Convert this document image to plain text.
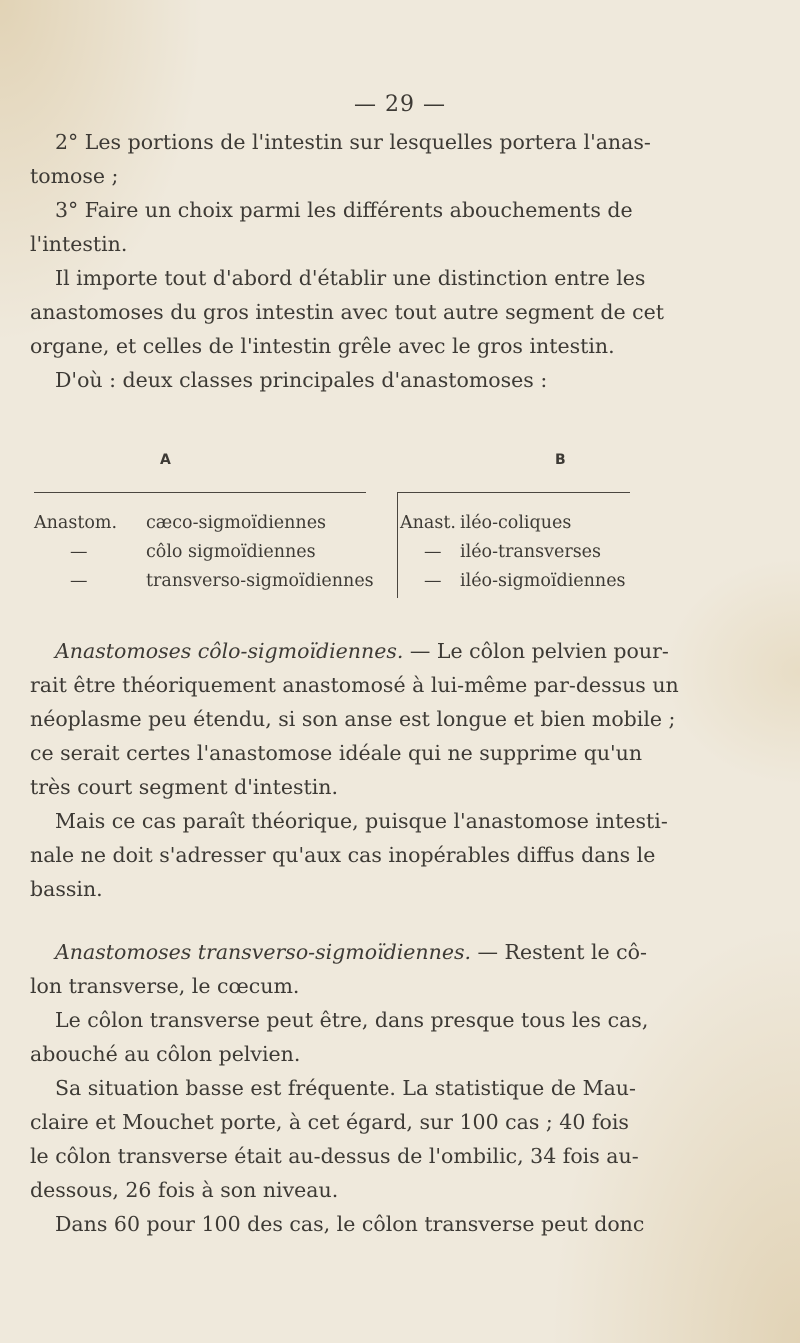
— 29 —
2° Les portions de l'intestin sur lesquelles portera l'anas-
tomose ;
3° Faire un choix parmi les différents abouchements de
l'intestin.
Il importe tout d'abord d'établir une distinction entre les
anastomoses du gros intestin avec tout autre segment de cet
organe, et celles de l'intestin grêle avec le gros intestin.
D'où : deux classes principales d'anastomoses :
A	B
Anastom. cæco-sigmoïdiennes
—	côlo sigmoïdiennes
—	transverso-sigmoïdiennes
Anast. iléo-coliques
— iléo-transverses
— iléo-sigmoïdiennes
Anastomoses côlo-sigmoïdiennes. — Le côlon pelvien pour-
rait être théoriquement anastomosé à lui-même par-dessus un
néoplasme peu étendu, si son anse est longue et bien mobile ;
ce serait certes l'anastomose idéale qui ne supprime qu'un
très court segment d'intestin.
Mais ce cas paraît théorique, puisque l'anastomose intesti-
nale ne doit s'adresser qu'aux cas inopérables diffus dans le
bassin.
Anastomoses transverso-sigmoïdiennes. — Restent le cô-
lon transverse, le cœcum.
Le côlon transverse peut être, dans presque tous les cas,
abouché au côlon pelvien.
Sa situation basse est fréquente. La statistique de Mau-
claire et Mouchet porte, à cet égard, sur 100 cas ; 40 fois
le côlon transverse était au-dessus de l'ombilic, 34 fois au-
dessous, 26 fois à son niveau.
Dans 60 pour 100 des cas, le côlon transverse peut donc
